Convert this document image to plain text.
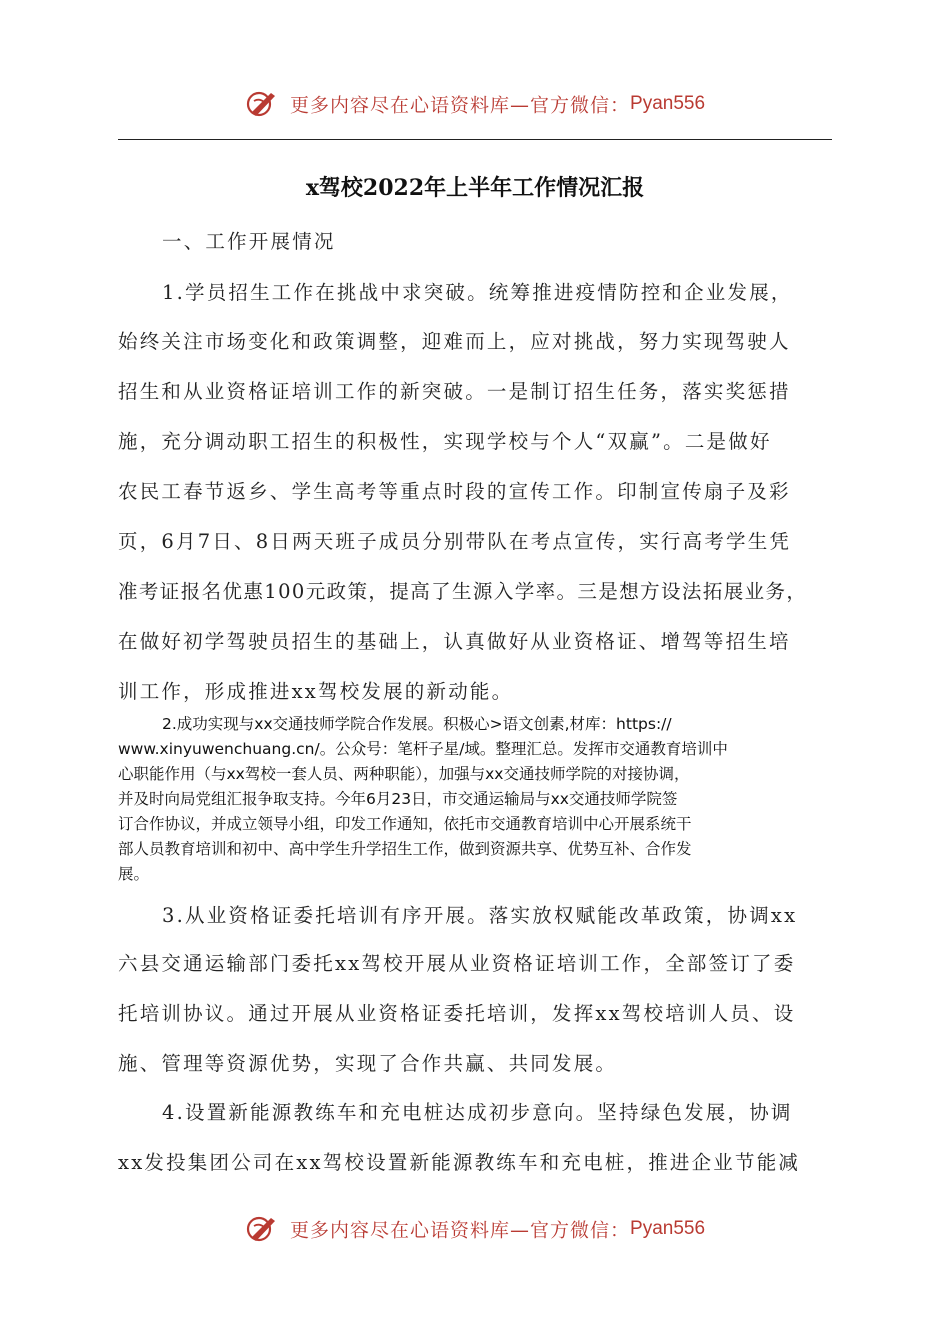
更多内容尽在心语资料库—官方微信：Pyan556
x驾校2022年上半年工作情况汇报
一、工作开展情况
1.学员招生工作在挑战中求突破。统筹推进疫情防控和企业发展，
始终关注市场变化和政策调整，迎难而上，应对挑战，努力实现驾驶人
招生和从业资格证培训工作的新突破。一是制订招生任务，落实奖惩措
施，充分调动职工招生的积极性，实现学校与个人“双赢”。二是做好
农民工春节返乡、学生高考等重点时段的宣传工作。印制宣传扇子及彩
页，6月7日、8日两天班子成员分别带队在考点宣传，实行高考学生凭
准考证报名优惠100元政策，提高了生源入学率。三是想方设法拓展业务，
在做好初学驾驶员招生的基础上，认真做好从业资格证、增驾等招生培
训工作，形成推进xx驾校发展的新动能。

2.成功实现与xx交通技师学院合作发展。积极心>语文创素,材库：https://

www.xinyuwenchuang.cn/。公众号：笔杆子星/域。整理汇总。发挥市交通教育培训中

心职能作用（与xx驾校一套人员、两种职能），加强与xx交通技师学院的对接协调，

并及时向局党组汇报争取支持。今年6月23日，市交通运输局与xx交通技师学院签

订合作协议，并成立领导小组，印发工作通知，依托市交通教育培训中心开展系统干

部人员教育培训和初中、高中学生升学招生工作，做到资源共享、优势互补、合作发

展。

3.从业资格证委托培训有序开展。落实放权赋能改革政策，协调xx
六县交通运输部门委托xx驾校开展从业资格证培训工作，全部签订了委
托培训协议。通过开展从业资格证委托培训，发挥xx驾校培训人员、设
施、管理等资源优势，实现了合作共赢、共同发展。
4.设置新能源教练车和充电桩达成初步意向。坚持绿色发展，协调
xx发投集团公司在xx驾校设置新能源教练车和充电桩，推进企业节能减
更多内容尽在心语资料库—官方微信：Pyan556
